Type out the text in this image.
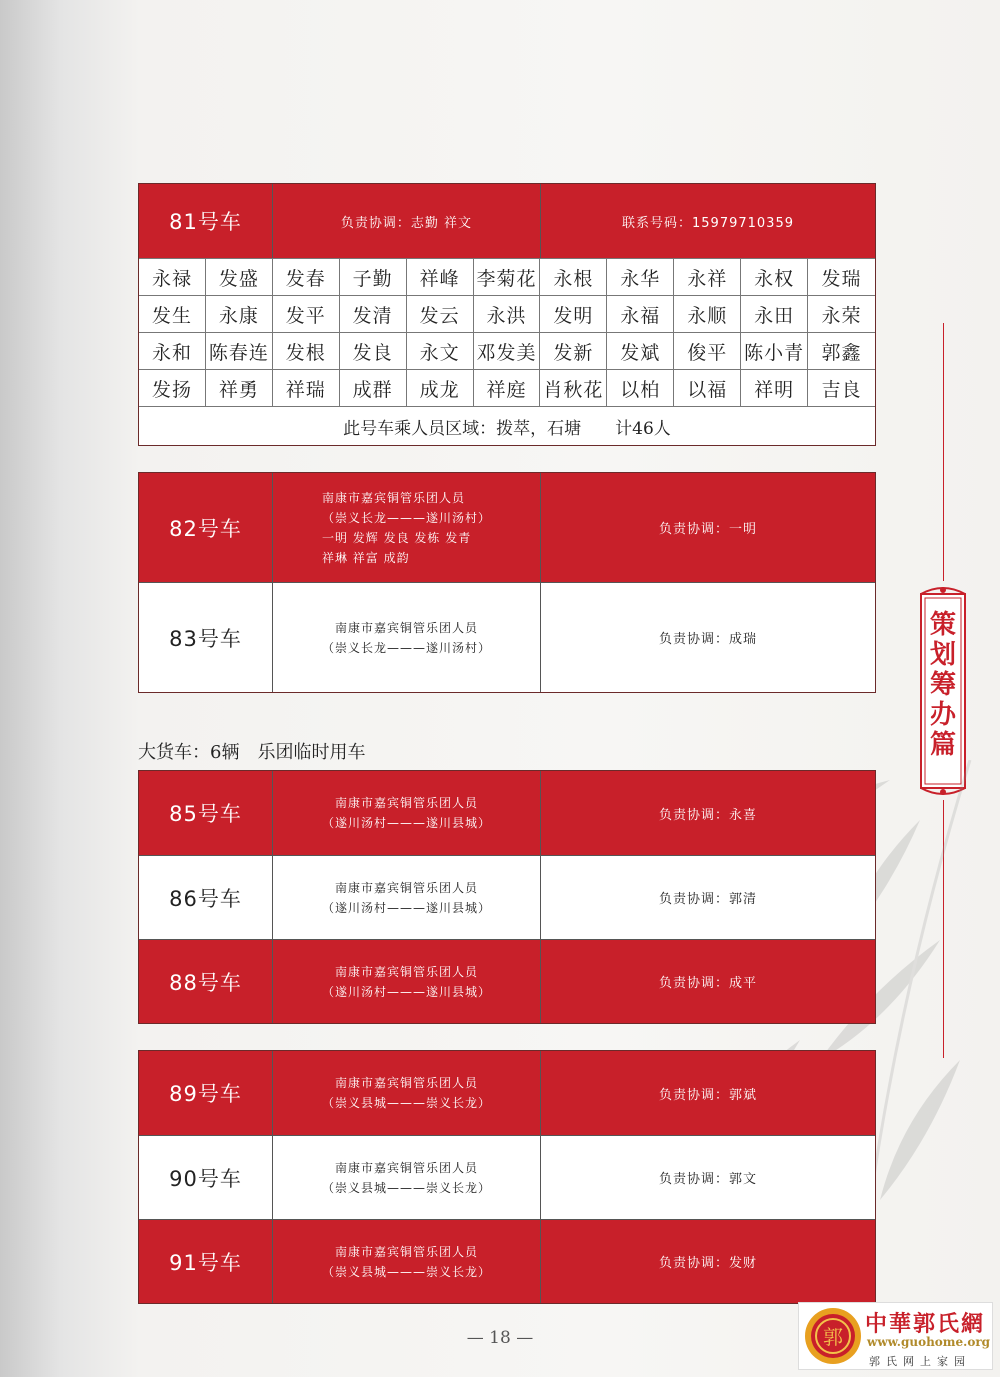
策
划
筹
办
篇
81号车	负责协调：志勤 祥文	联系号码：15979710359
永禄	发盛	发春	子勤	祥峰 李菊花 永根	永华	永祥	永权	发瑞
发生	永康	发平	发清	发云	永洪	发明	永福	永顺	永田	永荣
永和 陈春连 发根	发良	永文 邓发美 发新	发斌	俊平 陈小青 郭鑫
发扬	祥勇	祥瑞	成群	成龙	祥庭 肖秋花 以柏	以福	祥明	吉良
此号车乘人员区域：拨萃，石塘　　计46人
82号车
南康市嘉宾铜管乐团人员
（崇义长龙———遂川汤村）
一明 发辉 发良 发栋 发青
祥琳 祥富 成韵
负责协调：一明
83号车	南康市嘉宾铜管乐团人员
（崇义长龙———遂川汤村）
负责协调：成瑞
大货车：6辆　乐团临时用车
85号车	南康市嘉宾铜管乐团人员
（遂川汤村———遂川县城）
负责协调：永喜
86号车	南康市嘉宾铜管乐团人员
（遂川汤村———遂川县城）
负责协调：郭清
88号车	南康市嘉宾铜管乐团人员
（遂川汤村———遂川县城）
负责协调：成平
89号车	南康市嘉宾铜管乐团人员
（崇义县城———崇义长龙）
负责协调：郭斌
90号车	南康市嘉宾铜管乐团人员
（崇义县城———崇义长龙）
负责协调：郭文
91号车	南康市嘉宾铜管乐团人员
（崇义县城———崇义长龙）
负责协调：发财
— 18 —	郭 中華郭氏網
www.guohome.org
郭氏网上家园
